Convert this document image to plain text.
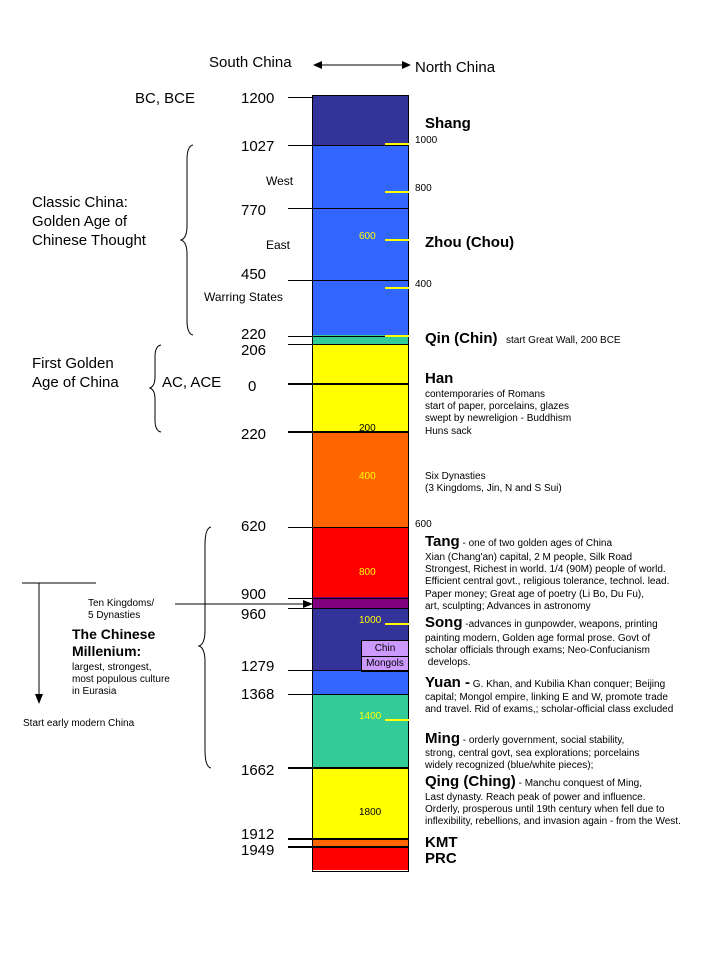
South China	North China
BC, BCE
AC, ACE
Chin
Mongols
1000
800
600
400
200
400
600
800
1000
1400
1800
1200
1027
770
450
220
206
0
220
620
900
960
1279
1368
1662
1912
1949
Classic China:
Golden Age of
Chinese Thought
West
East
Warring States
First Golden
Age of China
Ten Kingdoms/
5 Dynasties
The Chinese
Millenium:
largest, strongest,
most populous culture
in Eurasia
Start early modern China
Shang
Zhou (Chou)
Qin (Chin) start Great Wall, 200 BCE
Han
contemporaries of Romans
start of paper, porcelains, glazes
swept by newreligion - Buddhism
Huns sack
Six Dynasties
(3 Kingdoms, Jin, N and S Sui)
Tang - one of two golden ages of China
Xian (Chang'an) capital, 2 M people, Silk Road
Strongest, Richest in world. 1/4 (90M) people of world.
Efficient central govt., religious tolerance, technol. lead.
Paper money; Great age of poetry (Li Bo, Du Fu),
art, sculpting; Advances in astronomy
Song -advances in gunpowder, weapons, printing
painting modern, Golden age formal prose. Govt of
scholar officials through exams; Neo-Confucianism
develops.
Yuan - G. Khan, and Kubilia Khan conquer; Beijing
capital; Mongol empire, linking E and W, promote trade
and travel. Rid of exams,; scholar-official class excluded
Ming - orderly government, social stability,
strong, central govt, sea explorations; porcelains
widely recognized (blue/white pieces);
Qing (Ching) - Manchu conquest of Ming,
Last dynasty. Reach peak of power and influence.
Orderly, prosperous until 19th century when fell due to
inflexibility, rebellions, and invasion again - from the West.
KMT
PRC
